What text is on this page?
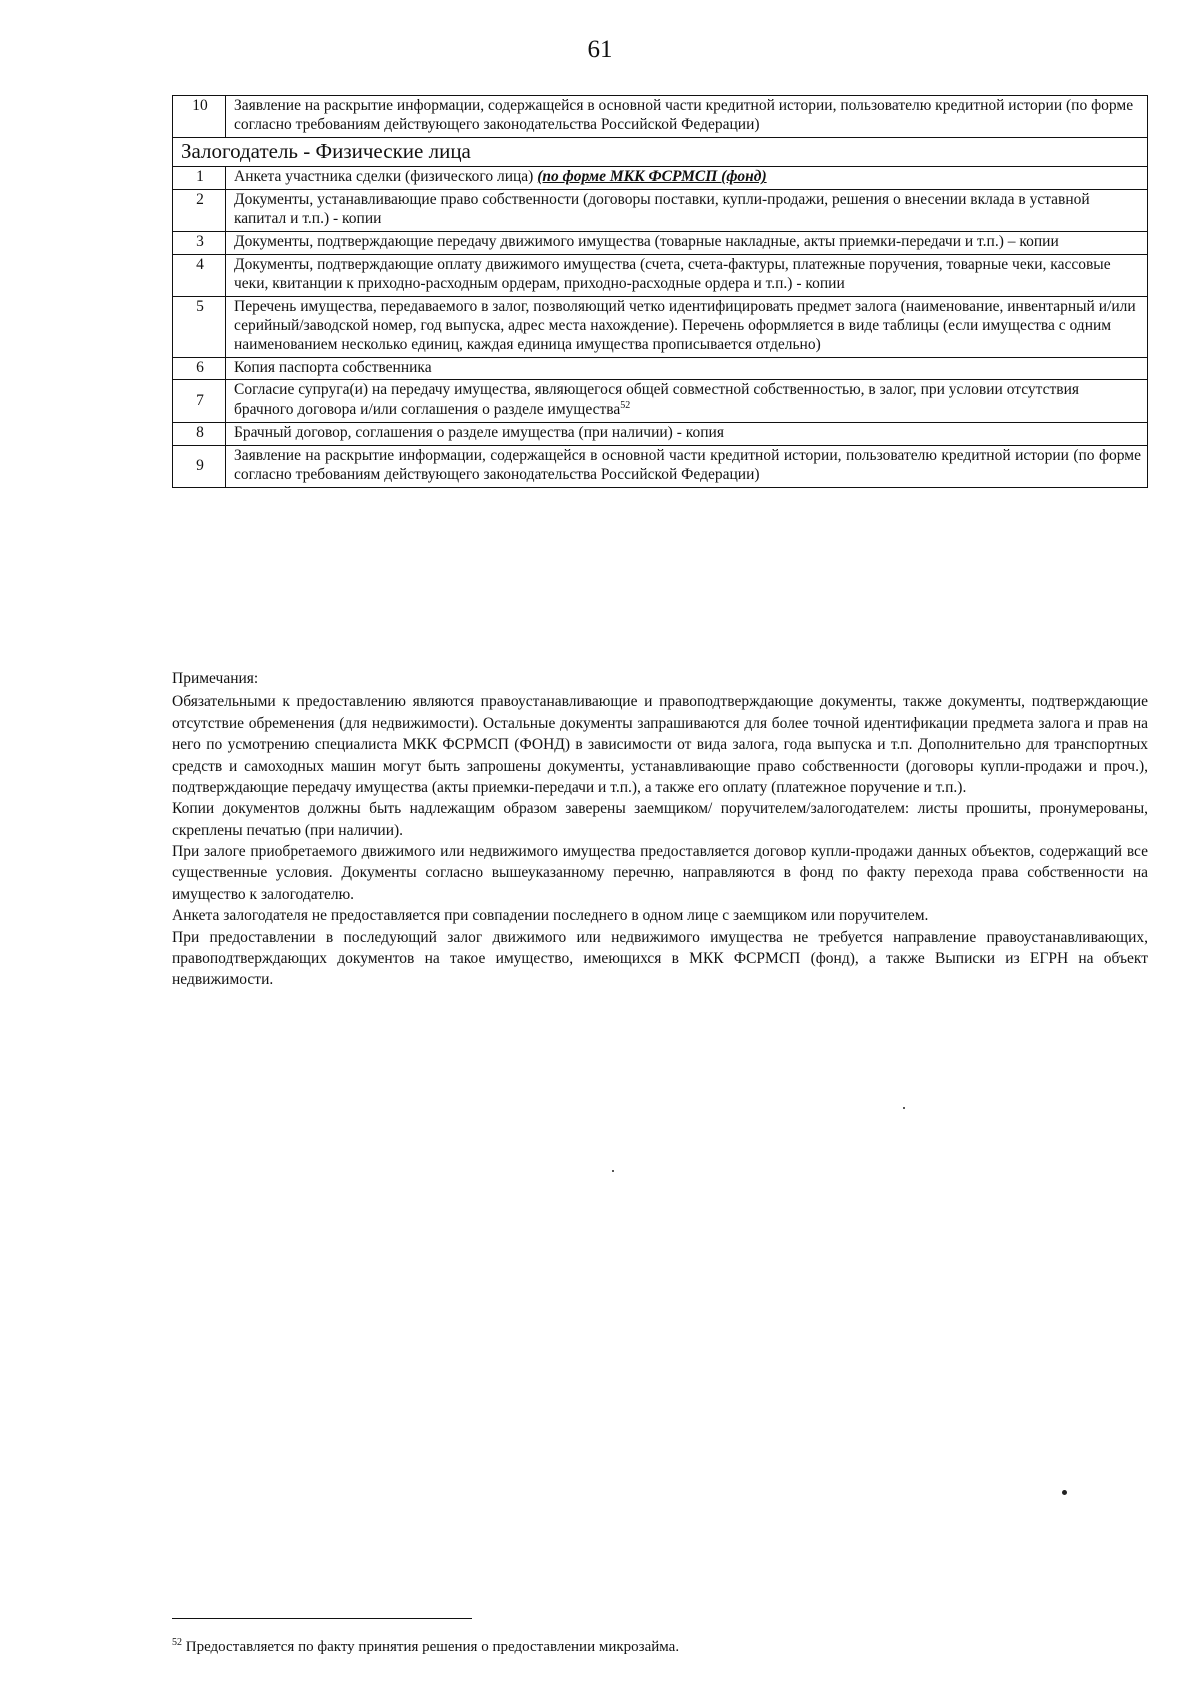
61
10	Заявление на раскрытие информации, содержащейся в основной части кредитной истории, пользователю кредитной истории (по форме согласно требованиям действующего законодательства Российской Федерации)
Залогодатель - Физические лица	
1	Анкета участника сделки (физического лица) (по форме МКК ФСРМСП (фонд)
2	Документы, устанавливающие право собственности (договоры поставки, купли-продажи, решения о внесении вклада в уставной капитал и т.п.) - копии
3	Документы, подтверждающие передачу движимого имущества (товарные накладные, акты приемки-передачи и т.п.) – копии
4	Документы, подтверждающие оплату движимого имущества (счета, счета-фактуры, платежные поручения, товарные чеки, кассовые чеки, квитанции к приходно-расходным ордерам, приходно-расходные ордера и т.п.) - копии
5	Перечень имущества, передаваемого в залог, позволяющий четко идентифицировать предмет залога (наименование, инвентарный и/или серийный/заводской номер, год выпуска, адрес места нахождение). Перечень оформляется в виде таблицы (если имущества с одним наименованием несколько единиц, каждая единица имущества прописывается отдельно)
6	Копия паспорта собственника
7	Согласие супруга(и) на передачу имущества, являющегося общей совместной собственностью, в залог, при условии отсутствия брачного договора и/или соглашения о разделе имущества$^{52}$
8	Брачный договор, соглашения о разделе имущества (при наличии) - копия
9	Заявление на раскрытие информации, содержащейся в основной части кредитной истории, пользователю кредитной истории (по форме согласно требованиям действующего законодательства Российской Федерации)

Примечания:

Обязательными к предоставлению являются правоустанавливающие и правоподтверждающие документы, также документы, подтверждающие отсутствие обременения (для недвижимости). Остальные документы запрашиваются для более точной идентификации предмета залога и прав на него по усмотрению специалиста МКК ФСРМСП (ФОНД) в зависимости от вида залога, года выпуска и т.п. Дополнительно для транспортных средств и самоходных машин могут быть запрошены документы, устанавливающие право собственности (договоры купли-продажи и проч.), подтверждающие передачу имущества (акты приемки-передачи и т.п.), а также его оплату (платежное поручение и т.п.).

Копии документов должны быть надлежащим образом заверены заемщиком/ поручителем/залогодателем: листы прошиты, пронумерованы, скреплены печатью (при наличии).

При залоге приобретаемого движимого или недвижимого имущества предоставляется договор купли-продажи данных объектов, содержащий все существенные условия. Документы согласно вышеуказанному перечню, направляются в фонд по факту перехода права собственности на имущество к залогодателю.

Анкета залогодателя не предоставляется при совпадении последнего в одном лице с заемщиком или поручителем.

При предоставлении в последующий залог движимого или недвижимого имущества не требуется направление правоустанавливающих, правоподтверждающих документов на такое имущество, имеющихся в МКК ФСРМСП (фонд), а также Выписки из ЕГРН на объект недвижимости.

$^{52}$ Предоставляется по факту принятия решения о предоставлении микрозайма.
